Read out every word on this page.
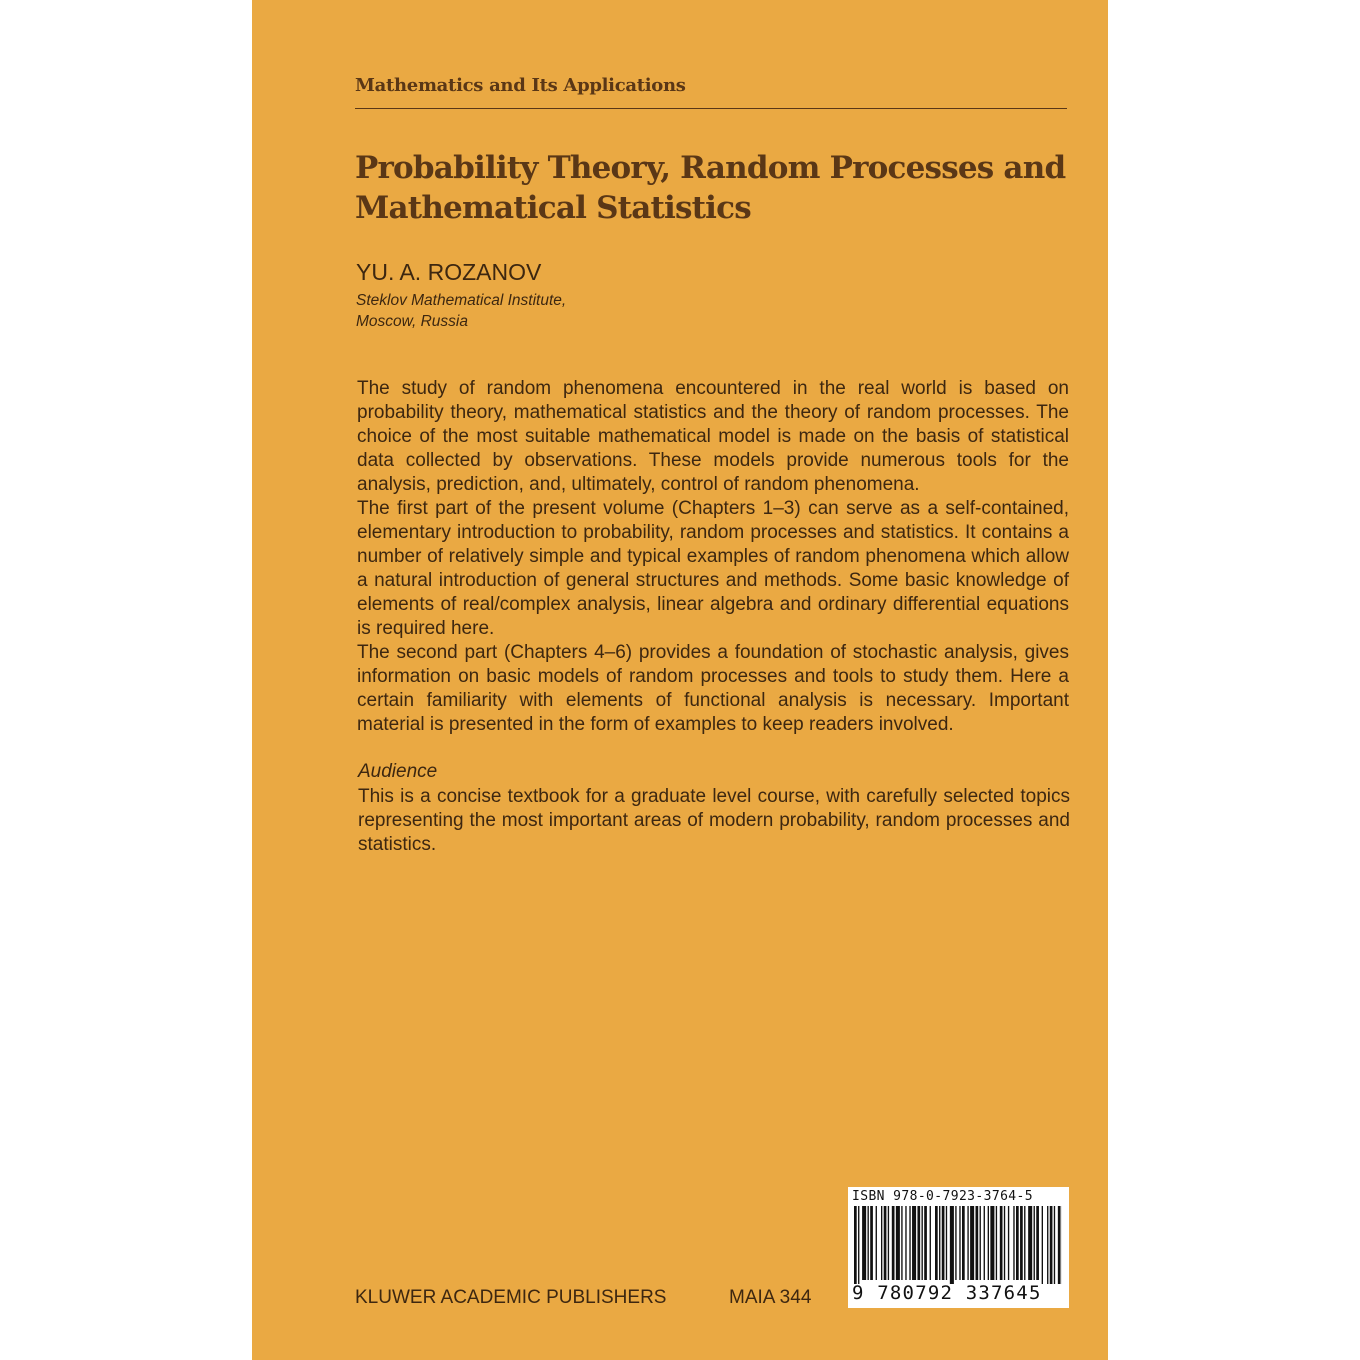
Mathematics and Its Applications
Probability Theory, Random Processes and Mathematical Statistics
YU. A. ROZANOV
Steklov Mathematical Institute,
Moscow, Russia

The study of random phenomena encountered in the real world is based on probability theory, mathematical statistics and the theory of random processes. The choice of the most suitable mathematical model is made on the basis of statistical data collected by observations. These models provide numerous tools for the analysis, prediction, and, ultimately, control of random phenomena.

The first part of the present volume (Chapters 1–3) can serve as a self-contained, elementary introduction to probability, random processes and statistics. It contains a number of relatively simple and typical examples of random phenomena which allow a natural introduction of general structures and methods. Some basic knowledge of elements of real/complex analysis, linear algebra and ordinary differential equations is required here.

The second part (Chapters 4–6) provides a foundation of stochastic analysis, gives information on basic models of random processes and tools to study them. Here a certain familiarity with elements of functional analysis is necessary. Important material is presented in the form of examples to keep readers involved.

Audience

This is a concise textbook for a graduate level course, with carefully selected topics representing the most important areas of modern probability, random processes and statistics.

KLUWER ACADEMIC PUBLISHERS	MAIA 344
ISBN 978-0-7923-3764-5
9 780792 337645
